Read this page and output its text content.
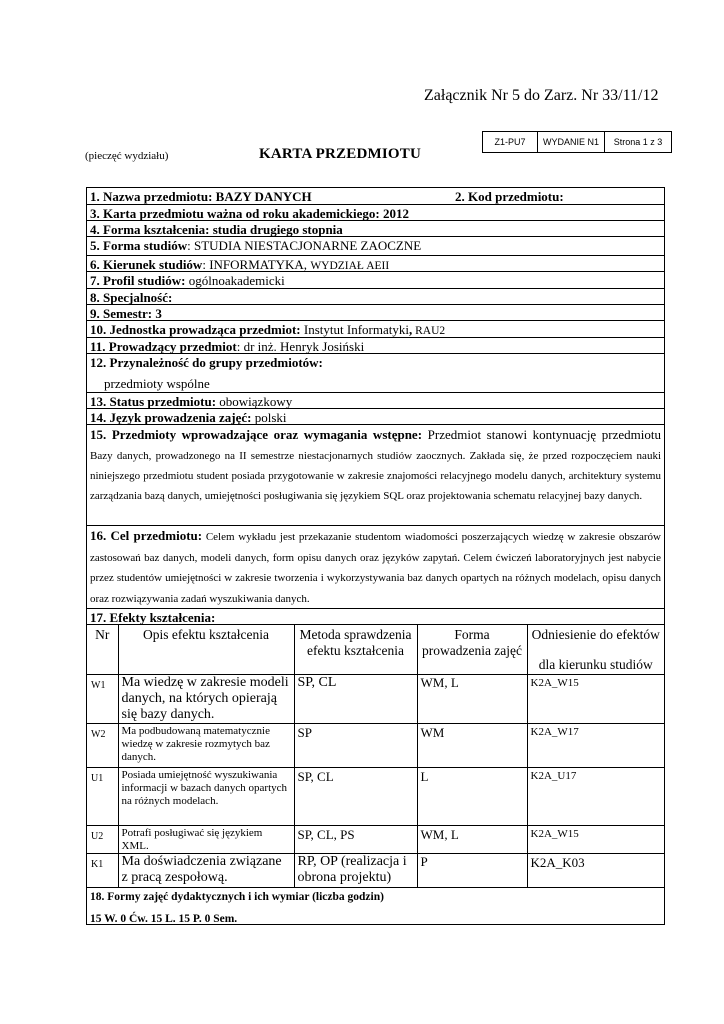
Załącznik Nr 5 do Zarz. Nr 33/11/12
Z1-PU7	WYDANIE N1	Strona 1 z 3
(pieczęć wydziału)	KARTA PRZEDMIOTU
1. Nazwa przedmiotu: BAZY DANYCH	2. Kod przedmiotu:
3. Karta przedmiotu ważna od roku akademickiego: 2012
4. Forma kształcenia: studia drugiego stopnia
5. Forma studiów: STUDIA NIESTACJONARNE ZAOCZNE
6. Kierunek studiów: INFORMATYKA, WYDZIAŁ AEII
7. Profil studiów: ogólnoakademicki
8. Specjalność:
9. Semestr: 3
10. Jednostka prowadząca przedmiot: Instytut Informatyki, RAU2
11. Prowadzący przedmiot: dr inż. Henryk Josiński
12. Przynależność do grupy przedmiotów:
przedmioty wspólne
13. Status przedmiotu: obowiązkowy
14. Język prowadzenia zajęć: polski
15. Przedmioty wprowadzające oraz wymagania wstępne: Przedmiot stanowi kontynuację przedmiotu Bazy danych, prowadzonego na II semestrze niestacjonarnych studiów zaocznych. Zakłada się, że przed rozpoczęciem nauki niniejszego przedmiotu student posiada przygotowanie w zakresie znajomości relacyjnego modelu danych, architektury systemu zarządzania bazą danych, umiejętności posługiwania się językiem SQL oraz projektowania schematu relacyjnej bazy danych.
16. Cel przedmiotu: Celem wykładu jest przekazanie studentom wiadomości poszerzających wiedzę w zakresie obszarów zastosowań baz danych, modeli danych, form opisu danych oraz języków zapytań. Celem ćwiczeń laboratoryjnych jest nabycie przez studentów umiejętności w zakresie tworzenia i wykorzystywania baz danych opartych na różnych modelach, opisu danych oraz rozwiązywania zadań wyszukiwania danych.
17. Efekty kształcenia:
Nr	Opis efektu kształcenia	Metoda sprawdzenia efektu kształcenia	Forma prowadzenia zajęć	Odniesienie do efektów
dla kierunku studiów

W1	Ma wiedzę w zakresie modeli danych, na których opierają się bazy danych.	SP, CL	WM, L	K2A_W15
W2	Ma podbudowaną matematycznie wiedzę w zakresie rozmytych baz danych.	SP	WM	K2A_W17
U1	Posiada umiejętność wyszukiwania informacji w bazach danych opartych na różnych modelach.	SP, CL	L	K2A_U17
U2	Potrafi posługiwać się językiem XML.	SP, CL, PS	WM, L	K2A_W15
K1	Ma doświadczenia związane z pracą zespołową.	RP, OP (realizacja i obrona projektu)	P	K2A_K03
18. Formy zajęć dydaktycznych i ich wymiar (liczba godzin)
15 W. 0 Ćw. 15 L. 15 P. 0 Sem.
